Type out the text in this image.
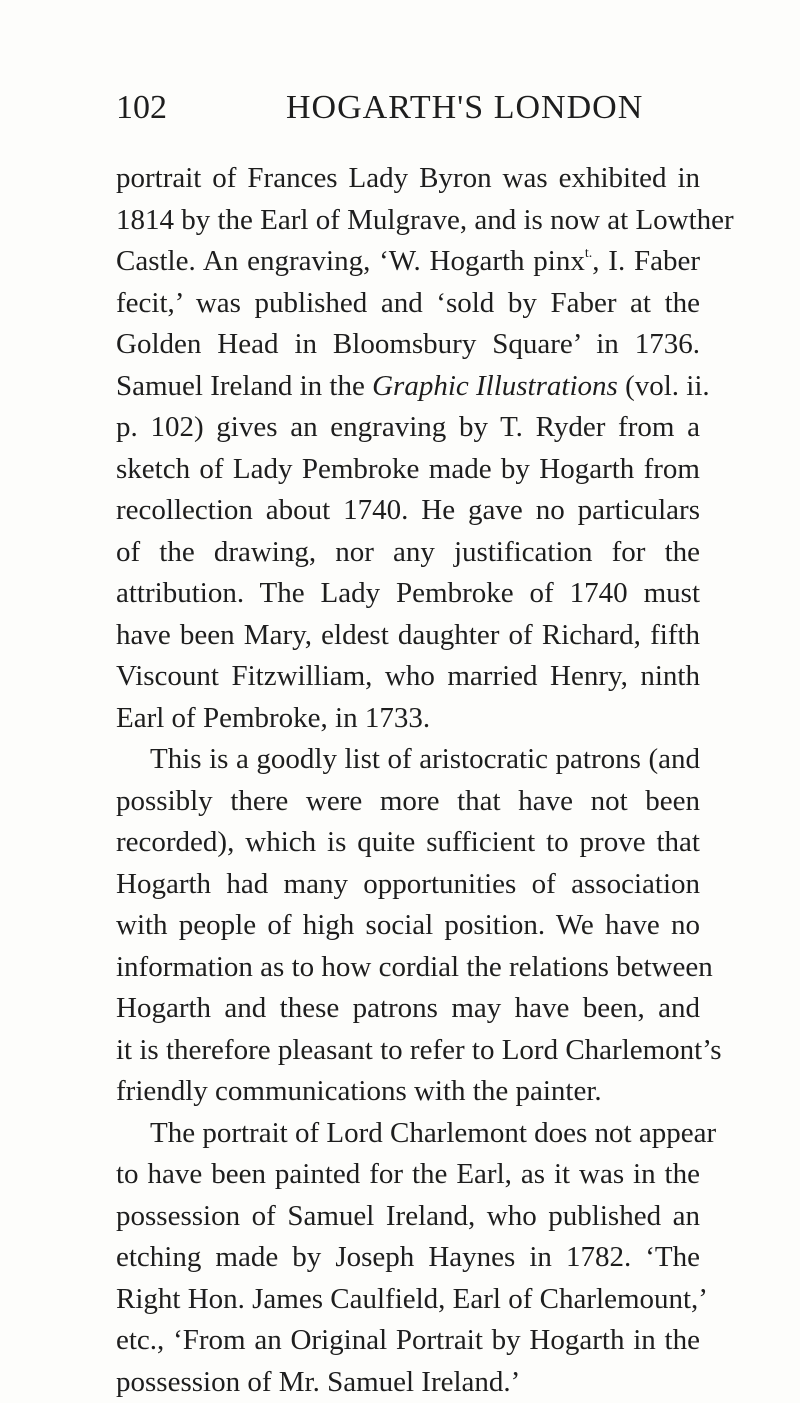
102	HOGARTH'S LONDON
portrait of Frances Lady Byron was exhibited in
1814 by the Earl of Mulgrave, and is now at Lowther
Castle. An engraving, ‘W. Hogarth pinx$^{t.}$, I. Faber
fecit,’ was published and ‘sold by Faber at the
Golden Head in Bloomsbury Square’ in 1736.
Samuel Ireland in the Graphic Illustrations (vol. ii.
p. 102) gives an engraving by T. Ryder from a
sketch of Lady Pembroke made by Hogarth from
recollection about 1740. He gave no particulars
of the drawing, nor any justification for the
attribution. The Lady Pembroke of 1740 must
have been Mary, eldest daughter of Richard, fifth
Viscount Fitzwilliam, who married Henry, ninth
Earl of Pembroke, in 1733.
This is a goodly list of aristocratic patrons (and
possibly there were more that have not been
recorded), which is quite sufficient to prove that
Hogarth had many opportunities of association
with people of high social position. We have no
information as to how cordial the relations between
Hogarth and these patrons may have been, and
it is therefore pleasant to refer to Lord Charlemont’s
friendly communications with the painter.
The portrait of Lord Charlemont does not appear
to have been painted for the Earl, as it was in the
possession of Samuel Ireland, who published an
etching made by Joseph Haynes in 1782. ‘The
Right Hon. James Caulfield, Earl of Charlemount,’
etc., ‘From an Original Portrait by Hogarth in the
possession of Mr. Samuel Ireland.’
